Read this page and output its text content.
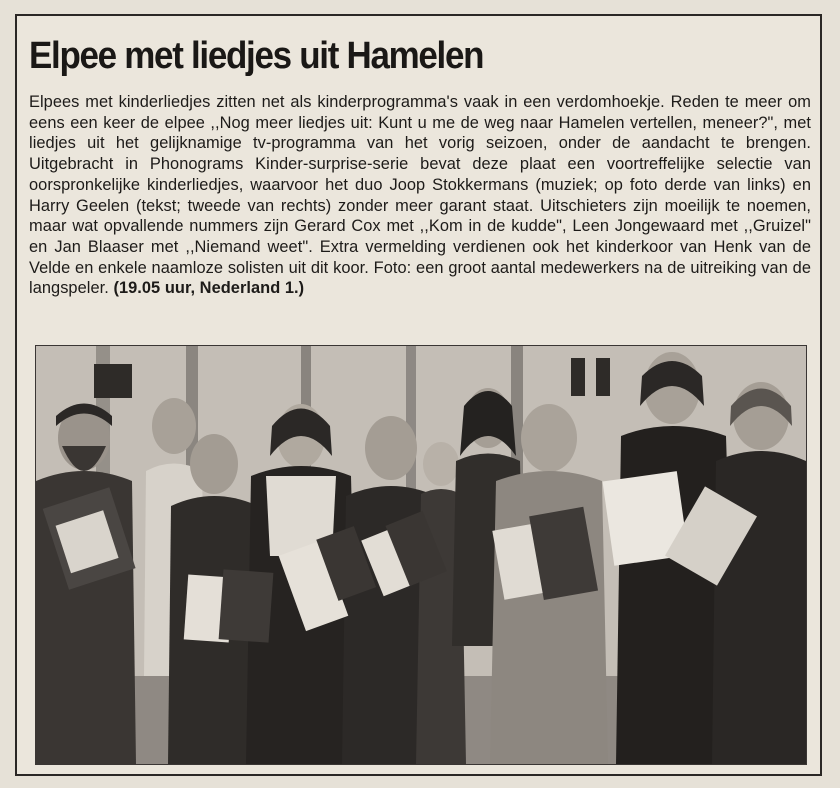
Elpee met liedjes uit Hamelen

Elpees met kinderliedjes zitten net als kinderprogramma's vaak in een verdomhoekje. Reden te meer om eens een keer de elpee ,,Nog meer liedjes uit: Kunt u me de weg naar Hamelen vertellen, meneer?", met liedjes uit het gelijknamige tv-programma van het vorig seizoen, onder de aandacht te brengen. Uitgebracht in Phonograms Kinder-surprise-serie bevat deze plaat een voortreffelijke selectie van oorspronkelijke kinderliedjes, waarvoor het duo Joop Stokkermans (muziek; op foto derde van links) en Harry Geelen (tekst; tweede van rechts) zonder meer garant staat. Uitschieters zijn moeilijk te noemen, maar wat opvallende nummers zijn Gerard Cox met ,,Kom in de kudde", Leen Jongewaard met ,,Gruizel" en Jan Blaaser met ,,Niemand weet". Extra vermelding verdienen ook het kinderkoor van Henk van de Velde en enkele naamloze solisten uit dit koor. Foto: een groot aantal medewerkers na de uitreiking van de langspeler. (19.05 uur, Nederland 1.)
